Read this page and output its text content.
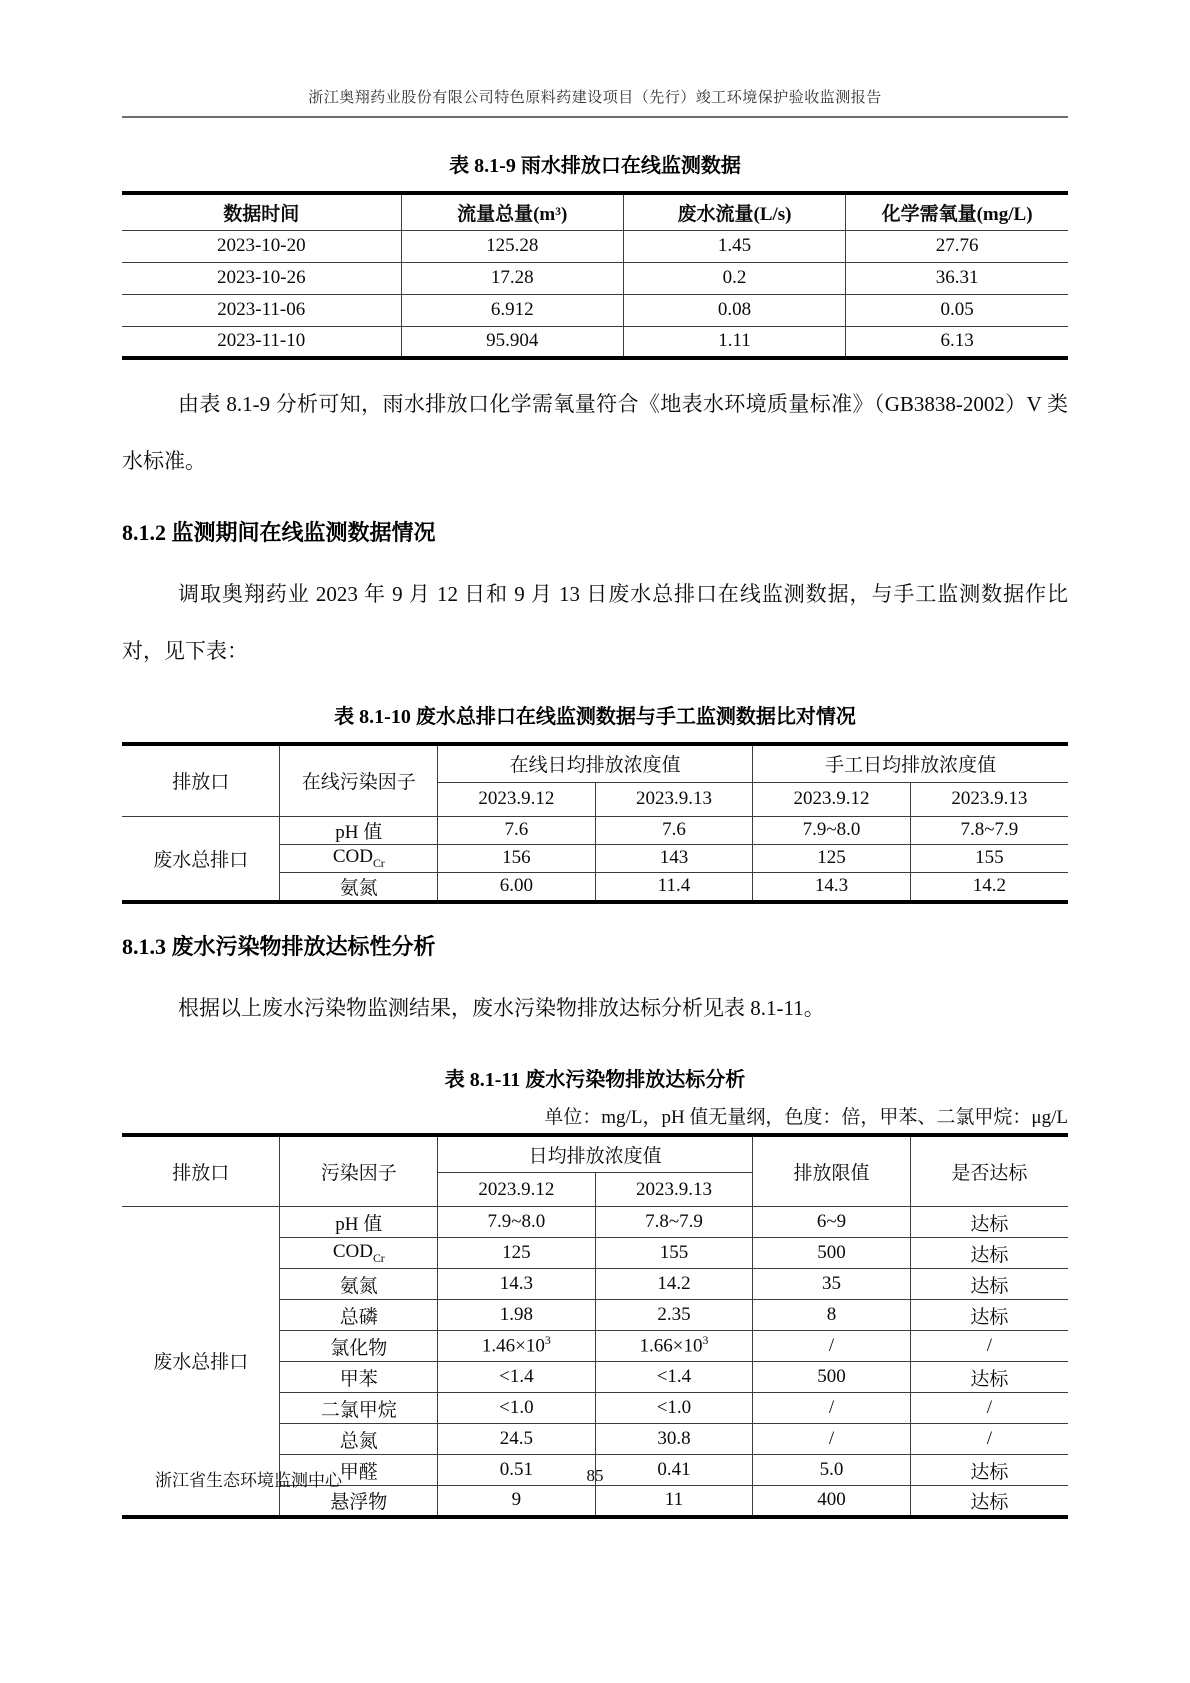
浙江奥翔药业股份有限公司特色原料药建设项目（先行）竣工环境保护验收监测报告
表 8.1-9 雨水排放口在线监测数据
数据时间	流量总量(m³)	废水流量(L/s)	化学需氧量(mg/L)
2023-10-20	125.28	1.45	27.76
2023-10-26	17.28	0.2	36.31
2023-11-06	6.912	0.08	0.05
2023-11-10	95.904	1.11	6.13

由表 8.1-9 分析可知，雨水排放口化学需氧量符合《地表水环境质量标准》（GB3838-2002）V 类水标准。

8.1.2 监测期间在线监测数据情况

调取奥翔药业 2023 年 9 月 12 日和 9 月 13 日废水总排口在线监测数据，与手工监测数据作比对，见下表：

表 8.1-10 废水总排口在线监测数据与手工监测数据比对情况
排放口	在线污染因子	在线日均排放浓度值		手工日均排放浓度值	
		2023.9.12	2023.9.13	2023.9.12	2023.9.13
废水总排口	pH 值	7.6	7.6	7.9~8.0	7.8~7.9
	$COD_{Cr}$	156	143	125	155
	氨氮	6.00	11.4	14.3	14.2
8.1.3 废水污染物排放达标性分析

根据以上废水污染物监测结果，废水污染物排放达标分析见表 8.1-11。

表 8.1-11 废水污染物排放达标分析
单位：mg/L，pH 值无量纲，色度：倍，甲苯、二氯甲烷：μg/L
排放口	污染因子	日均排放浓度值		排放限值	是否达标
		2023.9.12	2023.9.13		
废水总排口	pH 值	7.9~8.0	7.8~7.9	6~9	达标
	$COD_{Cr}$	125	155	500	达标
	氨氮	14.3	14.2	35	达标
	总磷	1.98	2.35	8	达标
	氯化物	$1.46\times 10^3$	$1.66\times 10^3$	/	/
	甲苯	<1.4	<1.4	500	达标
	二氯甲烷	<1.0	<1.0	/	/
	总氮	24.5	30.8	/	/
	甲醛	0.51	0.41	5.0	达标
	悬浮物	9	11	400	达标
浙江省生态环境监测中心	85
